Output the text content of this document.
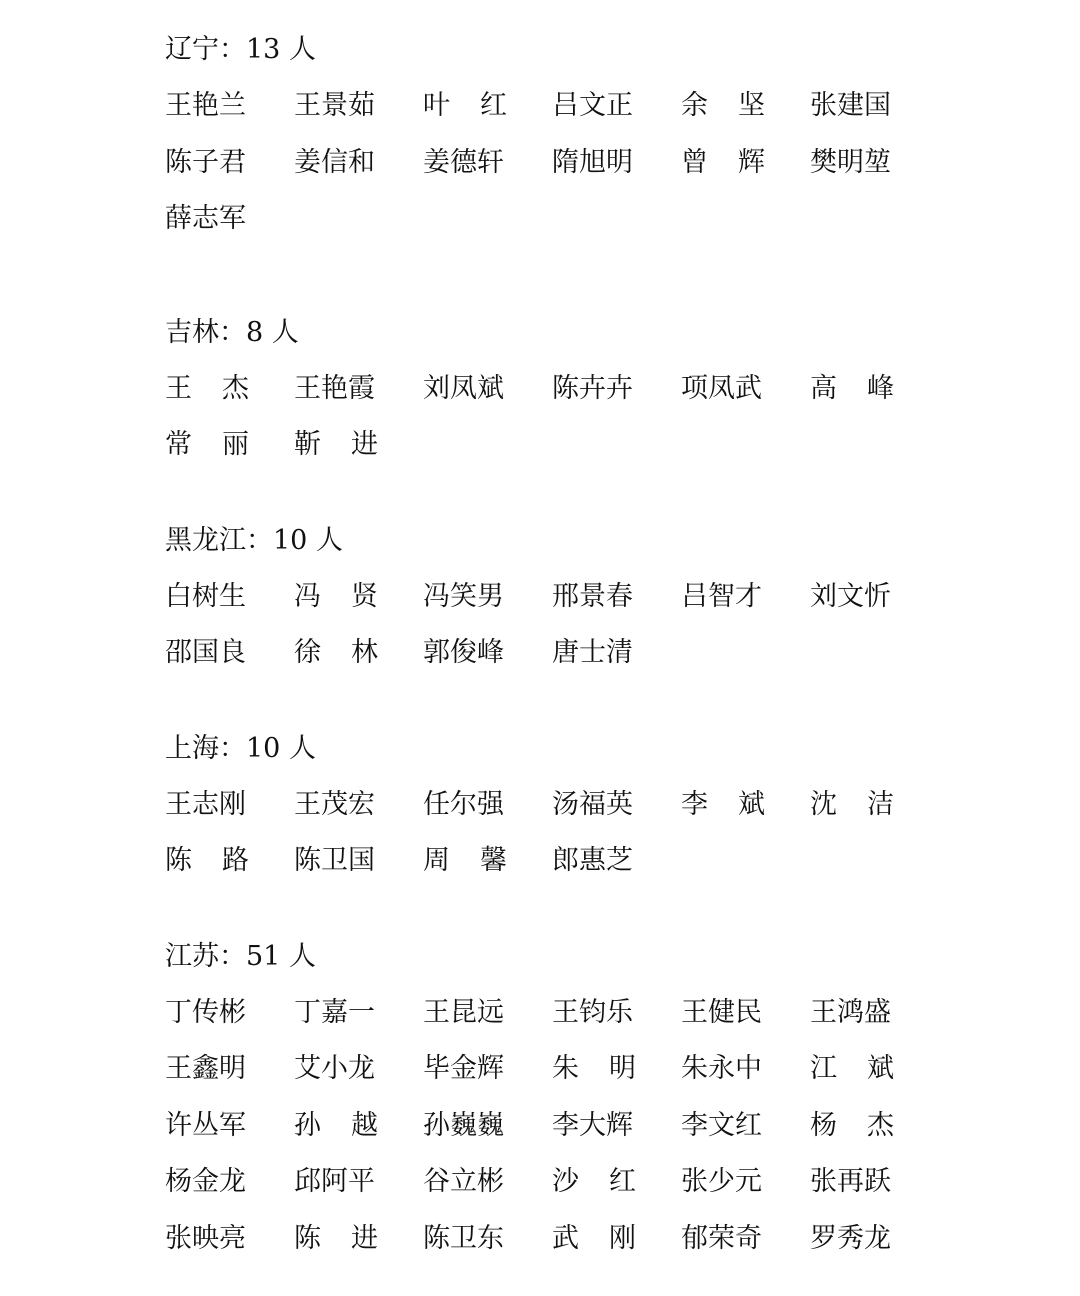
辽宁：13 人
王艳兰 王景茹 叶 红 吕文正 余 坚 张建国
陈子君 姜信和 姜德轩 隋旭明 曾 辉 樊明堃
薛志军
吉林：8 人
王 杰 王艳霞 刘凤斌 陈卉卉 项凤武 高 峰
常 丽 靳 进
黑龙江：10 人
白树生 冯 贤 冯笑男 邢景春 吕智才 刘文忻
邵国良 徐 林 郭俊峰 唐士清
上海：10 人
王志刚 王茂宏 任尔强 汤福英 李 斌 沈 洁
陈 路 陈卫国 周 馨 郎惠芝
江苏：51 人
丁传彬 丁嘉一 王昆远 王钧乐 王健民 王鸿盛
王鑫明 艾小龙 毕金辉 朱 明 朱永中 江 斌
许丛军 孙 越 孙巍巍 李大辉 李文红 杨 杰
杨金龙 邱阿平 谷立彬 沙 红 张少元 张再跃
张映亮 陈 进 陈卫东 武 刚 郁荣奇 罗秀龙
